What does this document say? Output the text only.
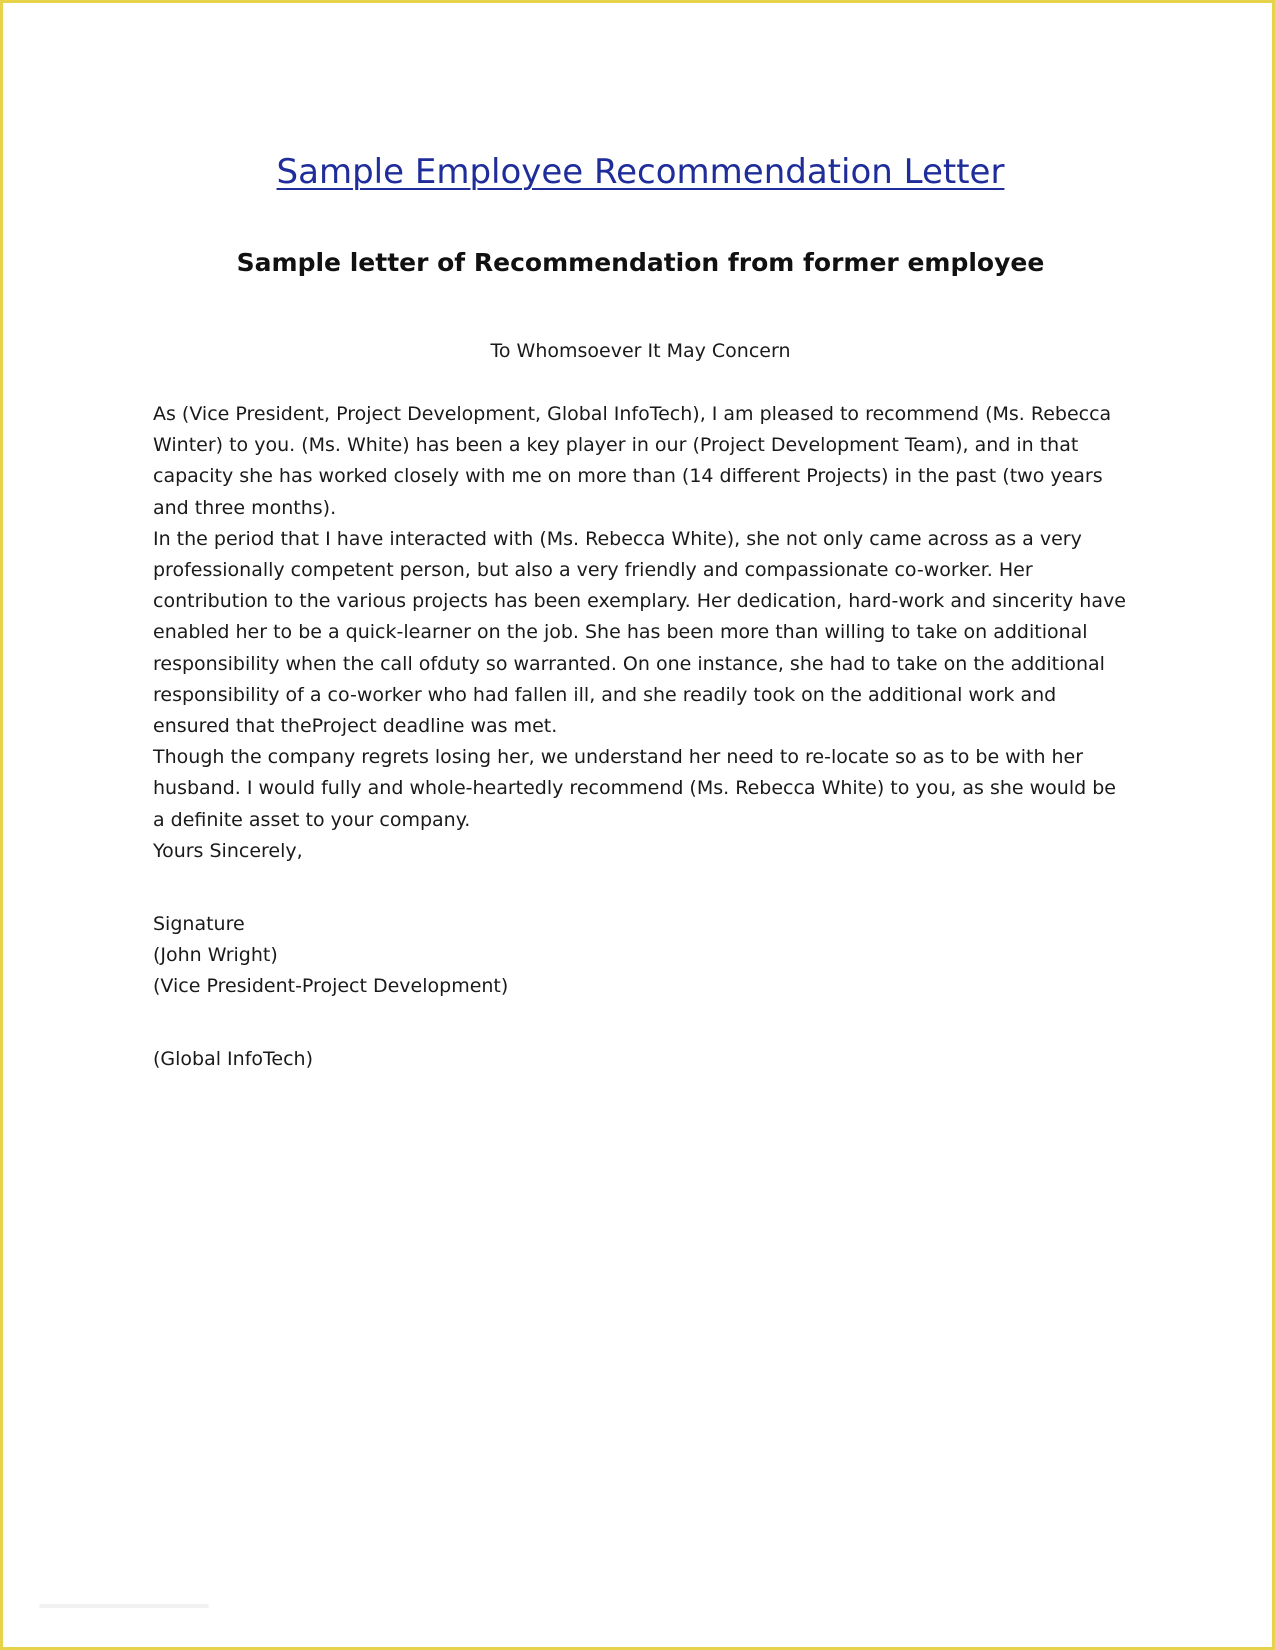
Sample Employee Recommendation Letter
Sample letter of Recommendation from former employee
To Whomsoever It May Concern

As (Vice President, Project Development, Global InfoTech), I am pleased to recommend (Ms. Rebecca Winter) to you. (Ms. White) has been a key player in our (Project Development Team), and in that capacity she has worked closely with me on more than (14 different Projects) in the past (two years and three months).

In the period that I have interacted with (Ms. Rebecca White), she not only came across as a very professionally competent person, but also a very friendly and compassionate co-worker. Her contribution to the various projects has been exemplary. Her dedication, hard-work and sincerity have enabled her to be a quick-learner on the job. She has been more than willing to take on additional responsibility when the call ofduty so warranted. On one instance, she had to take on the additional responsibility of a co-worker who had fallen ill, and she readily took on the additional work and ensured that theProject deadline was met.

Though the company regrets losing her, we understand her need to re-locate so as to be with her husband. I would fully and whole-heartedly recommend (Ms. Rebecca White) to you, as she would be a definite asset to your company.

Yours Sincerely,
Signature
(John Wright)
(Vice President-Project Development)
(Global InfoTech)
